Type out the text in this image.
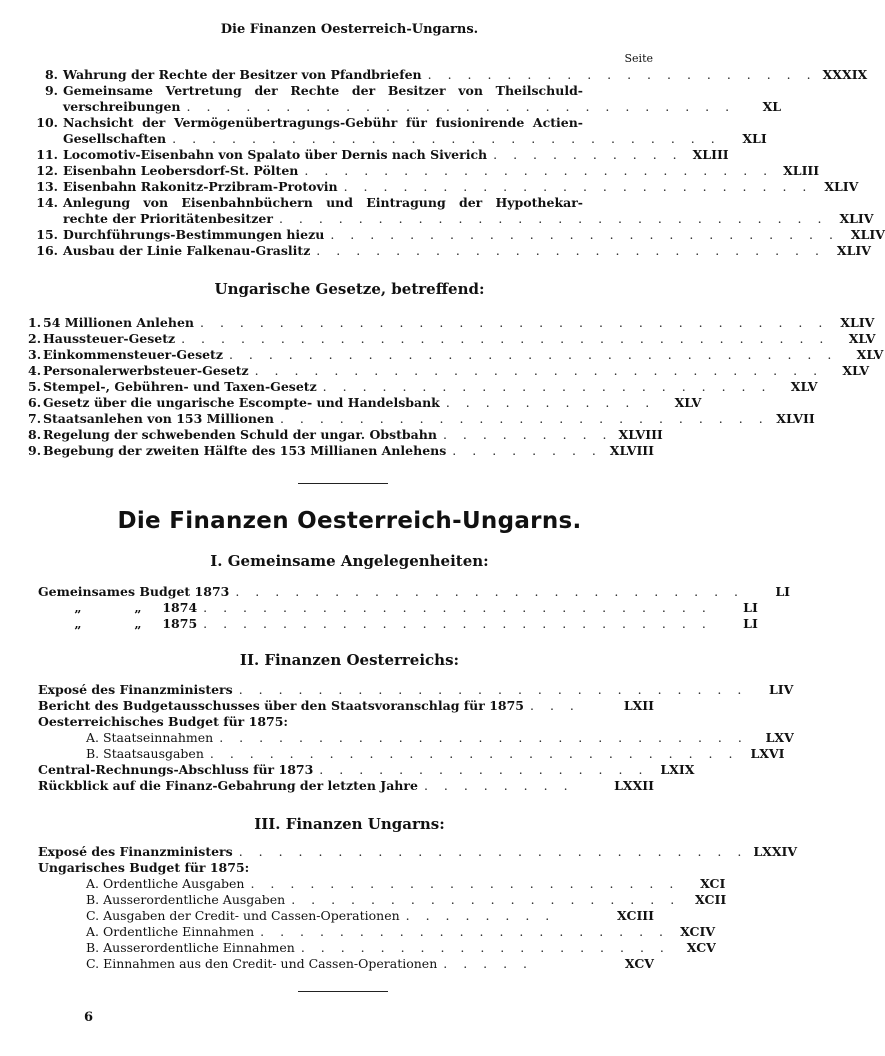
Die Finanzen Oesterreich-Ungarns.
Seite
8. Wahrung der Rechte der Besitzer von Pfandbriefen . . . . . . . . . . . . . . . . . . . . XXXIX
9. Gemeinsame Vertretung der Rechte der Besitzer von Theilschuld-
verschreibungen . . . . . . . . . . . . . . . . . . . . . . . . . . . .	XL
10. Nachsicht der Vermögenübertragungs-Gebühr für fusionirende Actien-
Gesellschaften . . . . . . . . . . . . . . . . . . . . . . . . . . . .	XLI
11. Locomotiv-Eisenbahn von Spalato über Dernis nach Siverich . . . . . . . . . . XLIII
12. Eisenbahn Leobersdorf-St. Pölten . . . . . . . . . . . . . . . . . . . . . . . . XLIII
13. Eisenbahn Rakonitz-Przibram-Protovin . . . . . . . . . . . . . . . . . . . . . . . . XLIV
14. Anlegung von Eisenbahnbüchern und Eintragung der Hypothekar-
rechte der Prioritätenbesitzer . . . . . . . . . . . . . . . . . . . . . . . . . . . . XLIV
15. Durchführungs-Bestimmungen hiezu . . . . . . . . . . . . . . . . . . . . . . . . . . XLIV
16. Ausbau der Linie Falkenau-Graslitz . . . . . . . . . . . . . . . . . . . . . . . . . . XLIV
Ungarische Gesetze, betreffend:
1. 54 Millionen Anlehen . . . . . . . . . . . . . . . . . . . . . . . . . . . . . . . . XLIV
2. Haussteuer-Gesetz . . . . . . . . . . . . . . . . . . . . . . . . . . . . . . . . .	XLV
3. Einkommensteuer-Gesetz . . . . . . . . . . . . . . . . . . . . . . . . . . . . . . .	XLV
4. Personalerwerbsteuer-Gesetz . . . . . . . . . . . . . . . . . . . . . . . . . . . . .	XLV
5. Stempel-, Gebühren- und Taxen-Gesetz . . . . . . . . . . . . . . . . . . . . . . .	XLV
6. Gesetz über die ungarische Escompte- und Handelsbank . . . . . . . . . . .	XLV
7. Staatsanlehen von 153 Millionen . . . . . . . . . . . . . . . . . . . . . . . . . XLVII
8. Regelung der schwebenden Schuld der ungar. Obstbahn . . . . . . . . . XLVIII
9. Begebung der zweiten Hälfte des 153 Millianen Anlehens . . . . . . . . XLVIII
Die Finanzen Oesterreich-Ungarns.
I. Gemeinsame Angelegenheiten:
Gemeinsames Budget 1873 . . . . . . . . . . . . . . . . . . . . . . . . . .	LI
„	„ 1874 . . . . . . . . . . . . . . . . . . . . . . . . . .	LI
„	„ 1875 . . . . . . . . . . . . . . . . . . . . . . . . . .	LI
II. Finanzen Oesterreichs:
Exposé des Finanzministers . . . . . . . . . . . . . . . . . . . . . . . . . .	LIV
Bericht des Budgetausschusses über den Staatsvoranschlag für 1875 . . .	LXII
Oesterreichisches Budget für 1875:
A. Staatseinnahmen . . . . . . . . . . . . . . . . . . . . . . . . . . .	LXV
B. Staatsausgaben . . . . . . . . . . . . . . . . . . . . . . . . . . . LXVI
Central-Rechnungs-Abschluss für 1873 . . . . . . . . . . . . . . . . . LXIX
Rückblick auf die Finanz-Gebahrung der letzten Jahre . . . . . . . .	LXXII
III. Finanzen Ungarns:
Exposé des Finanzministers . . . . . . . . . . . . . . . . . . . . . . . . . . LXXIV
Ungarisches Budget für 1875:
A. Ordentliche Ausgaben . . . . . . . . . . . . . . . . . . . . . .	XCI
B. Ausserordentliche Ausgaben . . . . . . . . . . . . . . . . . . . .	XCII
C. Ausgaben der Credit- und Cassen-Operationen . . . . . . . .	XCIII
A. Ordentliche Einnahmen . . . . . . . . . . . . . . . . . . . . . XCIV
B. Ausserordentliche Einnahmen . . . . . . . . . . . . . . . . . . .	XCV
C. Einnahmen aus den Credit- und Cassen-Operationen . . . . .	XCV
6
